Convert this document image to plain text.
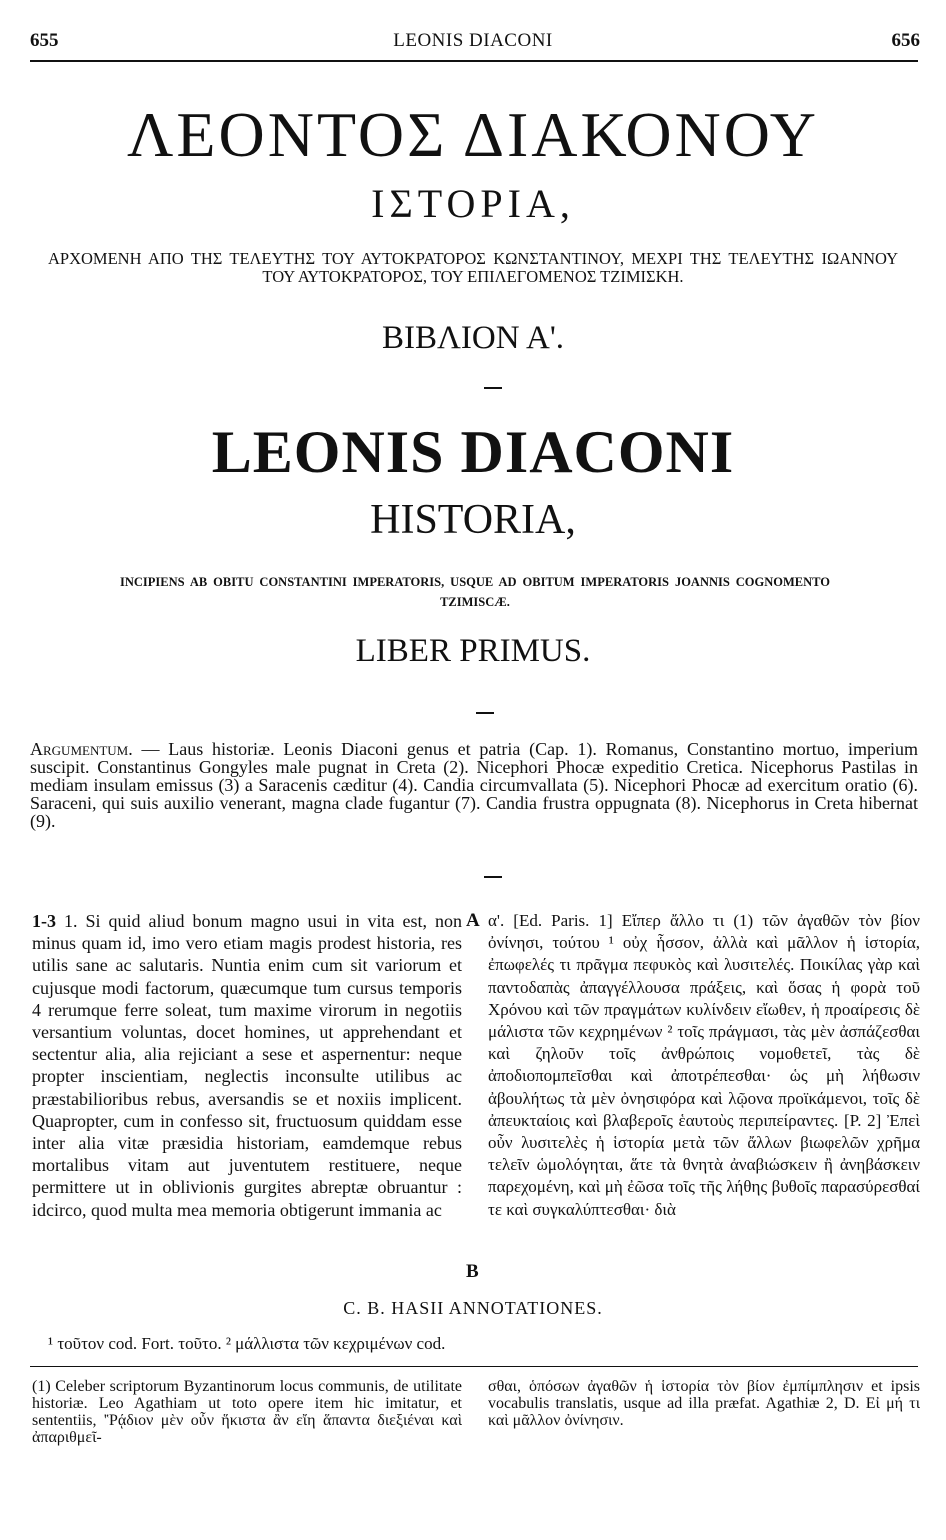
655	LEONIS DIACONI	656
ΛΕΟΝΤΟΣ ΔΙΑΚΟΝΟΥ
ΙΣΤΟΡΙΑ,
ΑΡΧΟΜΕΝΗ ΑΠΟ ΤΗΣ ΤΕΛΕΥΤΗΣ ΤΟΥ ΑΥΤΟΚΡΑΤΟΡΟΣ ΚΩΝΣΤΑΝΤΙΝΟΥ, ΜΕΧΡΙ ΤΗΣ ΤΕΛΕΥΤΗΣ ΙΩΑΝΝΟΥ ΤΟΥ ΑΥΤΟΚΡΑΤΟΡΟΣ, ΤΟΥ ΕΠΙΛΕΓΟΜΕΝΟΣ ΤΖΙΜΙΣΚΗ.
ΒΙΒΛΙΟΝ Α'.
LEONIS DIACONI
HISTORIA,
INCIPIENS AB OBITU CONSTANTINI IMPERATORIS, USQUE AD OBITUM IMPERATORIS JOANNIS COGNOMENTO TZIMISCÆ.
LIBER PRIMUS.
Argumentum. — Laus historiæ. Leonis Diaconi genus et patria (Cap. 1). Romanus, Constantino mortuo, imperium suscipit. Constantinus Gongyles male pugnat in Creta (2). Nicephori Phocæ expeditio Cretica. Nicephorus Pastilas in mediam insulam emissus (3) a Saracenis cæditur (4). Candia circumvallata (5). Nicephori Phocæ ad exercitum oratio (6). Saraceni, qui suis auxilio venerant, magna clade fugantur (7). Candia frustra oppugnata (8). Nicephorus in Creta hibernat (9).
1-3 1. Si quid aliud bonum magno usui in vita est, non minus quam id, imo vero etiam magis prodest historia, res utilis sane ac salutaris. Nuntia enim cum sit variorum et cujusque modi factorum, quæcumque tum cursus temporis 4 rerumque ferre soleat, tum maxime virorum in negotiis versantium voluntas, docet homines, ut apprehendant et sectentur alia, alia rejiciant a sese et aspernentur: neque propter inscientiam, neglectis inconsulte utilibus ac præstabilioribus rebus, aversandis se et noxiis implicent. Quapropter, cum in confesso sit, fructuosum quiddam esse inter alia vitæ præsidia historiam, eamdemque rebus mortalibus vitam aut juventutem restituere, neque permittere ut in oblivionis gurgites abreptæ obruantur : idcirco, quod multa mea memoria obtigerunt immania ac
A
B
α'. [Ed. Paris. 1] Εἴπερ ἄλλο τι (1) τῶν ἀγαθῶν τὸν βίον ὀνίνησι, τούτου ¹ οὐχ ἧσσον, ἀλλὰ καὶ μᾶλλον ἡ ἱστορία, ἐπωφελές τι πρᾶγμα πεφυκὸς καὶ λυσιτελές. Ποικίλας γὰρ καὶ παντοδαπὰς ἀπαγγέλλουσα πράξεις, καὶ ὅσας ἡ φορὰ τοῦ Χρόνου καὶ τῶν πραγμάτων κυλίνδειν εἴωθεν, ἡ προαίρεσις δὲ μάλιστα τῶν κεχρημένων ² τοῖς πράγμασι, τὰς μὲν ἀσπάζεσθαι καὶ ζηλοῦν τοῖς ἀνθρώποις νομοθετεῖ, τὰς δὲ ἀποδιοπομπεῖσθαι καὶ ἀποτρέπεσθαι· ὡς μὴ λήθωσιν ἀβουλήτως τὰ μὲν ὀνησιφόρα καὶ λῷονα προϊκάμενοι, τοῖς δὲ ἀπευκταίοις καὶ βλαβεροῖς ἑαυτοὺς περιπείραντες. [P. 2] Ἐπεὶ οὖν λυσιτελὲς ἡ ἱστορία μετὰ τῶν ἄλλων βιωφελῶν χρῆμα τελεῖν ὡμολόγηται, ἅτε τὰ θνητὰ ἀναβιώσκειν ἢ ἀνηβάσκειν παρεχομένη, καὶ μὴ ἐῶσα τοῖς τῆς λήθης βυθοῖς παρασύρεσθαί τε καὶ συγκαλύπτεσθαι· διὰ
C. B. HASII ANNOTATIONES.
¹ τοῦτον cod. Fort. τοῦτο. ² μάλλιστα τῶν κεχριμένων cod.
(1) Celeber scriptorum Byzantinorum locus communis, de utilitate historiæ. Leo Agathiam ut toto opere item hic imitatur, et sententiis, 'Ῥᾴδιον μὲν οὖν ἥκιστα ἂν εἴη ἅπαντα διεξιέναι καὶ ἀπαριθμεῖ-
σθαι, ὁπόσων ἀγαθῶν ἡ ἱστορία τὸν βίον ἐμπίμπλησιν et ipsis vocabulis translatis, usque ad illa præfat. Agathiæ 2, D. Εἰ μή τι καὶ μᾶλλον ὀνίνησιν.
